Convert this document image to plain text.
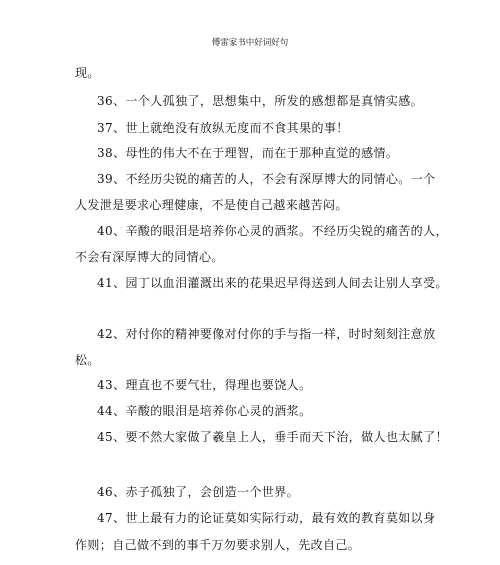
傅雷家书中好词好句
现。
36、一个人孤独了，思想集中，所发的感想都是真情实感。
37、世上就绝没有放纵无度而不食其果的事！
38、母性的伟大不在于理智，而在于那种直觉的感情。
39、不经历尖锐的痛苦的人，不会有深厚博大的同情心。一个
人发泄是要求心理健康，不是使自己越来越苦闷。
40、辛酸的眼泪是培养你心灵的酒浆。不经历尖锐的痛苦的人，
不会有深厚博大的同情心。
41、园丁以血泪灌溉出来的花果迟早得送到人间去让别人享受。
42、对付你的精神要像对付你的手与指一样，时时刻刻注意放
松。
43、理直也不要气壮，得理也要饶人。
44、辛酸的眼泪是培养你心灵的酒浆。
45、要不然大家做了羲皇上人，垂手而天下治，做人也太腻了！
46、赤子孤独了，会创造一个世界。
47、世上最有力的论证莫如实际行动，最有效的教育莫如以身
作则；自己做不到的事千万勿要求别人，先改自己。
